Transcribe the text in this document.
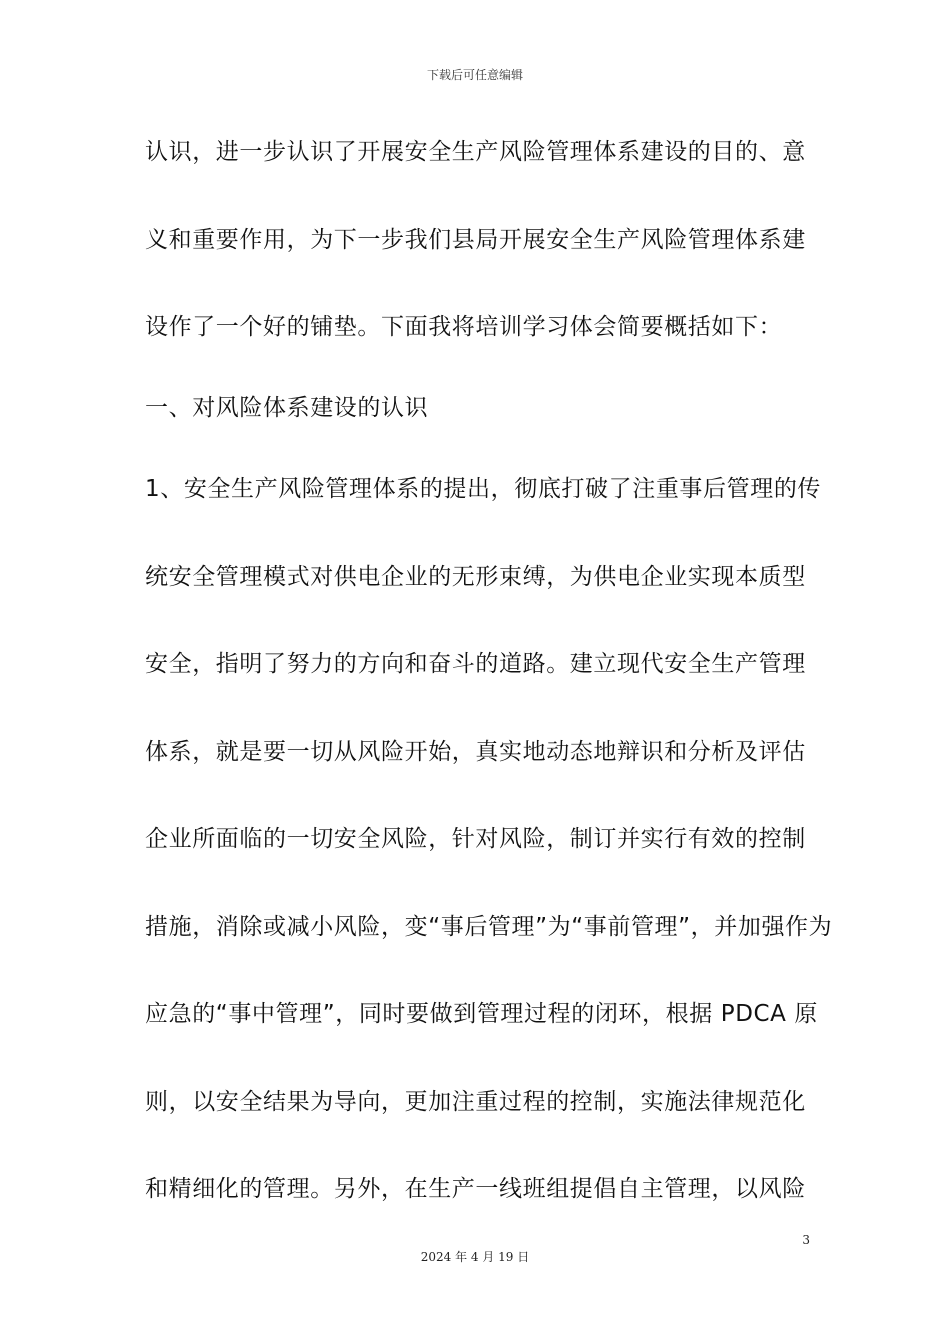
下载后可任意编辑
认识，进一步认识了开展安全生产风险管理体系建设的目的、意
义和重要作用，为下一步我们县局开展安全生产风险管理体系建
设作了一个好的铺垫。下面我将培训学习体会简要概括如下：
一、对风险体系建设的认识
1、安全生产风险管理体系的提出，彻底打破了注重事后管理的传
统安全管理模式对供电企业的无形束缚，为供电企业实现本质型
安全，指明了努力的方向和奋斗的道路。建立现代安全生产管理
体系，就是要一切从风险开始，真实地动态地辩识和分析及评估
企业所面临的一切安全风险，针对风险，制订并实行有效的控制
措施，消除或减小风险，变“事后管理”为“事前管理”，并加强作为
应急的“事中管理”，同时要做到管理过程的闭环，根据 PDCA 原
则，以安全结果为导向，更加注重过程的控制，实施法律规范化
和精细化的管理。另外，在生产一线班组提倡自主管理，以风险
3
2024 年 4 月 19 日
